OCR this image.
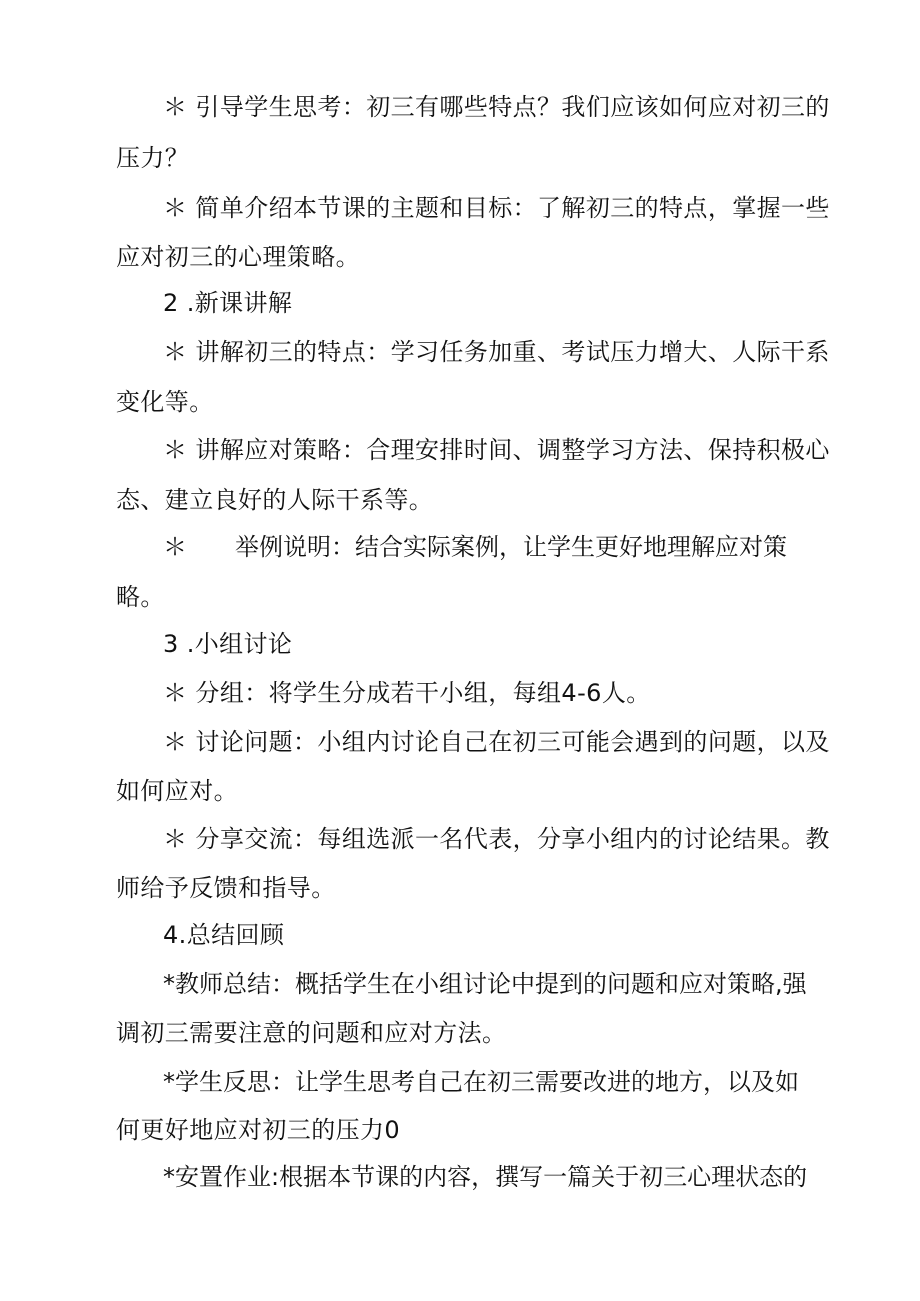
＊ 引导学生思考：初三有哪些特点？我们应该如何应对初三的
压力？
＊ 简单介绍本节课的主题和目标：了解初三的特点，掌握一些
应对初三的心理策略。
2 .新课讲解
＊ 讲解初三的特点：学习任务加重、考试压力增大、人际干系
变化等。
＊ 讲解应对策略：合理安排时间、调整学习方法、保持积极心
态、建立良好的人际干系等。
＊　　举例说明：结合实际案例，让学生更好地理解应对策
略。
3 .小组讨论
＊ 分组：将学生分成若干小组，每组4-6人。
＊ 讨论问题：小组内讨论自己在初三可能会遇到的问题，以及
如何应对。
＊ 分享交流：每组选派一名代表，分享小组内的讨论结果。教
师给予反馈和指导。
4.总结回顾
*教师总结：概括学生在小组讨论中提到的问题和应对策略,强
调初三需要注意的问题和应对方法。
*学生反思：让学生思考自己在初三需要改进的地方，以及如
何更好地应对初三的压力0
*安置作业:根据本节课的内容，撰写一篇关于初三心理状态的
